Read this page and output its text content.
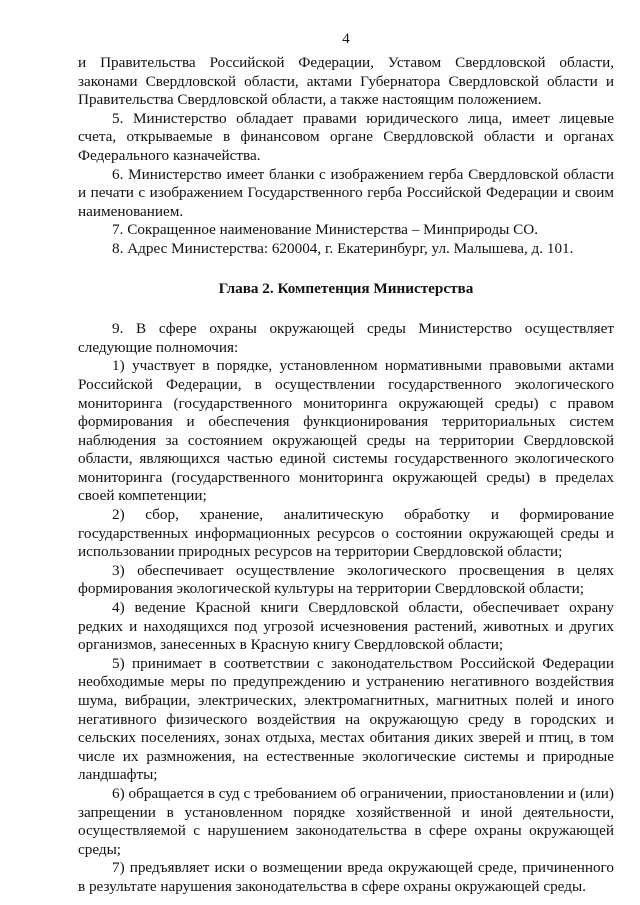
4

и Правительства Российской Федерации, Уставом Свердловской области, законами Свердловской области, актами Губернатора Свердловской области и Правительства Свердловской области, а также настоящим положением.

5. Министерство обладает правами юридического лица, имеет лицевые счета, открываемые в финансовом органе Свердловской области и органах Федерального казначейства.

6. Министерство имеет бланки с изображением герба Свердловской области и печати с изображением Государственного герба Российской Федерации и своим наименованием.

7. Сокращенное наименование Министерства – Минприроды СО.

8. Адрес Министерства: 620004, г. Екатеринбург, ул. Малышева, д. 101.

Глава 2. Компетенция Министерства

9. В сфере охраны окружающей среды Министерство осуществляет следующие полномочия:

1) участвует в порядке, установленном нормативными правовыми актами Российской Федерации, в осуществлении государственного экологического мониторинга (государственного мониторинга окружающей среды) с правом формирования и обеспечения функционирования территориальных систем наблюдения за состоянием окружающей среды на территории Свердловской области, являющихся частью единой системы государственного экологического мониторинга (государственного мониторинга окружающей среды) в пределах своей компетенции;

2) сбор, хранение, аналитическую обработку и формирование государственных информационных ресурсов о состоянии окружающей среды и использовании природных ресурсов на территории Свердловской области;

3) обеспечивает осуществление экологического просвещения в целях формирования экологической культуры на территории Свердловской области;

4) ведение Красной книги Свердловской области, обеспечивает охрану редких и находящихся под угрозой исчезновения растений, животных и других организмов, занесенных в Красную книгу Свердловской области;

5) принимает в соответствии с законодательством Российской Федерации необходимые меры по предупреждению и устранению негативного воздействия шума, вибрации, электрических, электромагнитных, магнитных полей и иного негативного физического воздействия на окружающую среду в городских и сельских поселениях, зонах отдыха, местах обитания диких зверей и птиц, в том числе их размножения, на естественные экологические системы и природные ландшафты;

6) обращается в суд с требованием об ограничении, приостановлении и (или) запрещении в установленном порядке хозяйственной и иной деятельности, осуществляемой с нарушением законодательства в сфере охраны окружающей среды;

7) предъявляет иски о возмещении вреда окружающей среде, причиненного в результате нарушения законодательства в сфере охраны окружающей среды.
